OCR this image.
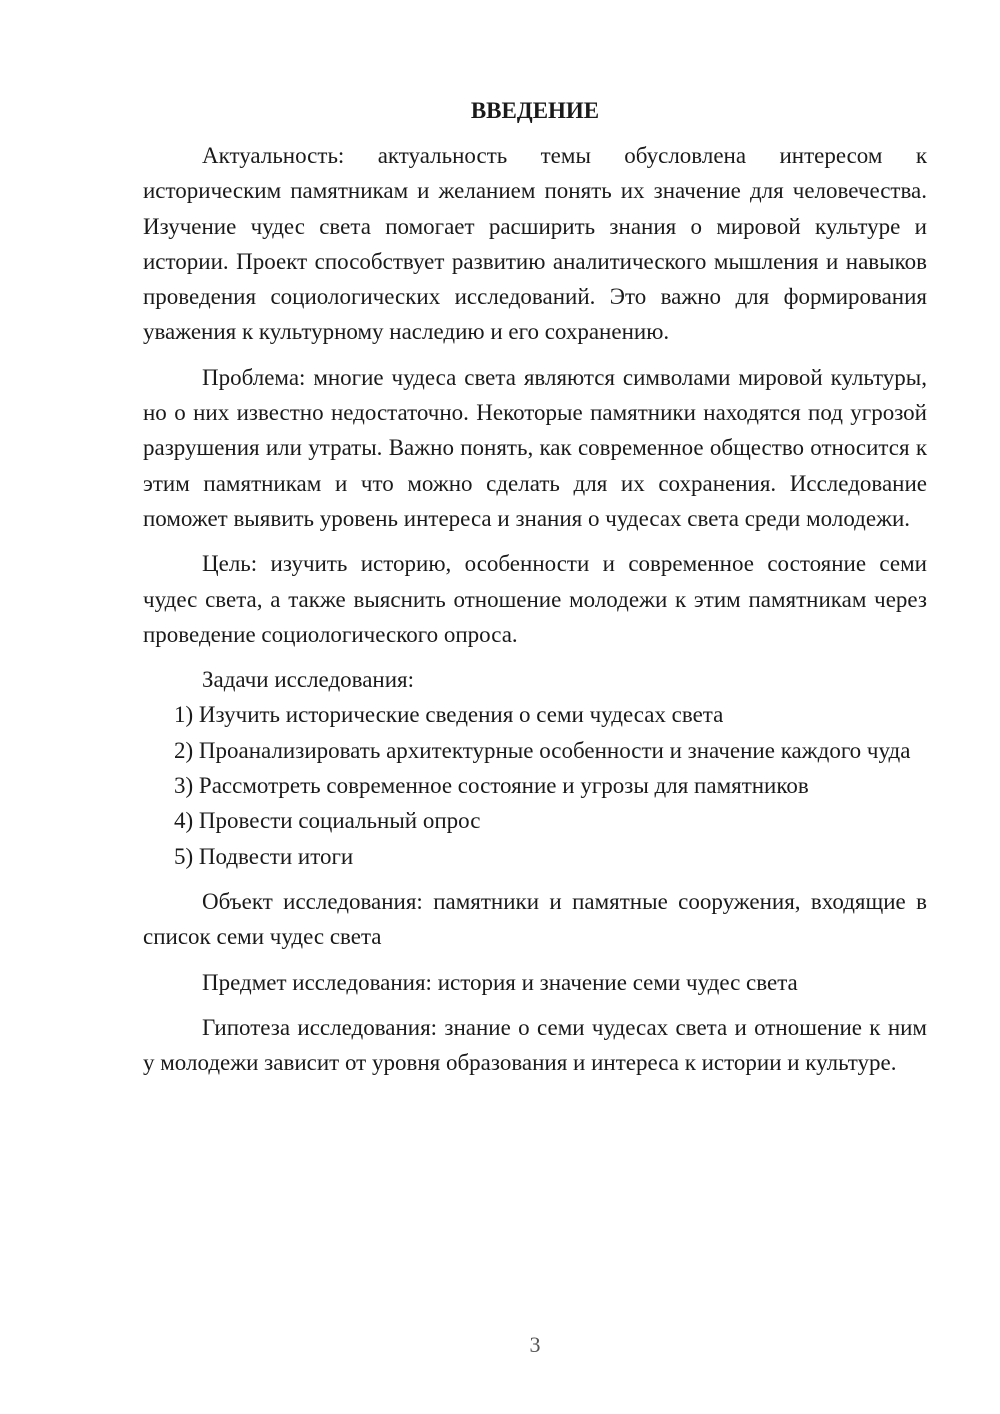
ВВЕДЕНИЕ

Актуальность: актуальность темы обусловлена интересом к историческим памятникам и желанием понять их значение для человечества. Изучение чудес света помогает расширить знания о мировой культуре и истории. Проект способствует развитию аналитического мышления и навыков проведения социологических исследований. Это важно для формирования уважения к культурному наследию и его сохранению.

Проблема: многие чудеса света являются символами мировой культуры, но о них известно недостаточно. Некоторые памятники находятся под угрозой разрушения или утраты. Важно понять, как современное общество относится к этим памятникам и что можно сделать для их сохранения. Исследование поможет выявить уровень интереса и знания о чудесах света среди молодежи.

Цель: изучить историю, особенности и современное состояние семи чудес света, а также выяснить отношение молодежи к этим памятникам через проведение социологического опроса.

Задачи исследования:

1) Изучить исторические сведения о семи чудесах света

2) Проанализировать архитектурные особенности и значение каждого чуда

3) Рассмотреть современное состояние и угрозы для памятников

4) Провести социальный опрос

5) Подвести итоги

Объект исследования: памятники и памятные сооружения, входящие в список семи чудес света

Предмет исследования: история и значение семи чудес света

Гипотеза исследования: знание о семи чудесах света и отношение к ним у молодежи зависит от уровня образования и интереса к истории и культуре.

3
